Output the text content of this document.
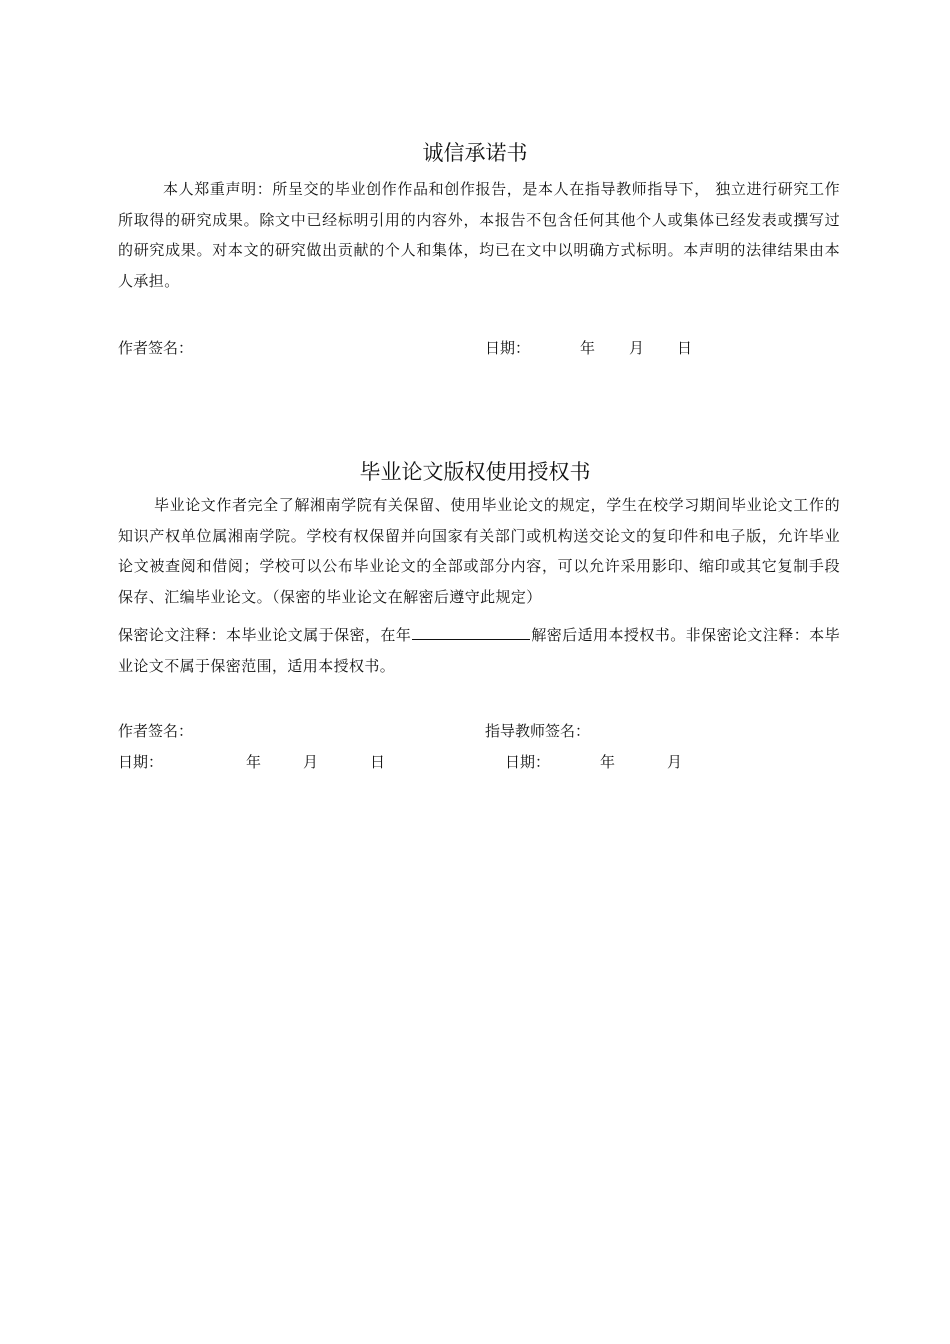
诚信承诺书

本人郑重声明：所呈交的毕业创作作品和创作报告，是本人在指导教师指导下， 独立进行研究工作所取得的研究成果。除文中已经标明引用的内容外，本报告不包含任何其他个人或集体已经发表或撰写过的研究成果。对本文的研究做出贡献的个人和集体，均已在文中以明确方式标明。本声明的法律结果由本人承担。

作者签名：	日期：	年 月 日
毕业论文版权使用授权书

毕业论文作者完全了解湘南学院有关保留、使用毕业论文的规定，学生在校学习期间毕业论文工作的知识产权单位属湘南学院。学校有权保留并向国家有关部门或机构送交论文的复印件和电子版，允许毕业论文被查阅和借阅；学校可以公布毕业论文的全部或部分内容，可以允许采用影印、缩印或其它复制手段保存、汇编毕业论文。（保密的毕业论文在解密后遵守此规定）

保密论文注释：本毕业论文属于保密，在年	解密后适用本授权书。非保密论文注释：本毕业论文不属于保密范围，适用本授权书。

作者签名：	指导教师签名：
日期：	年	月	日	日期：	年	月
